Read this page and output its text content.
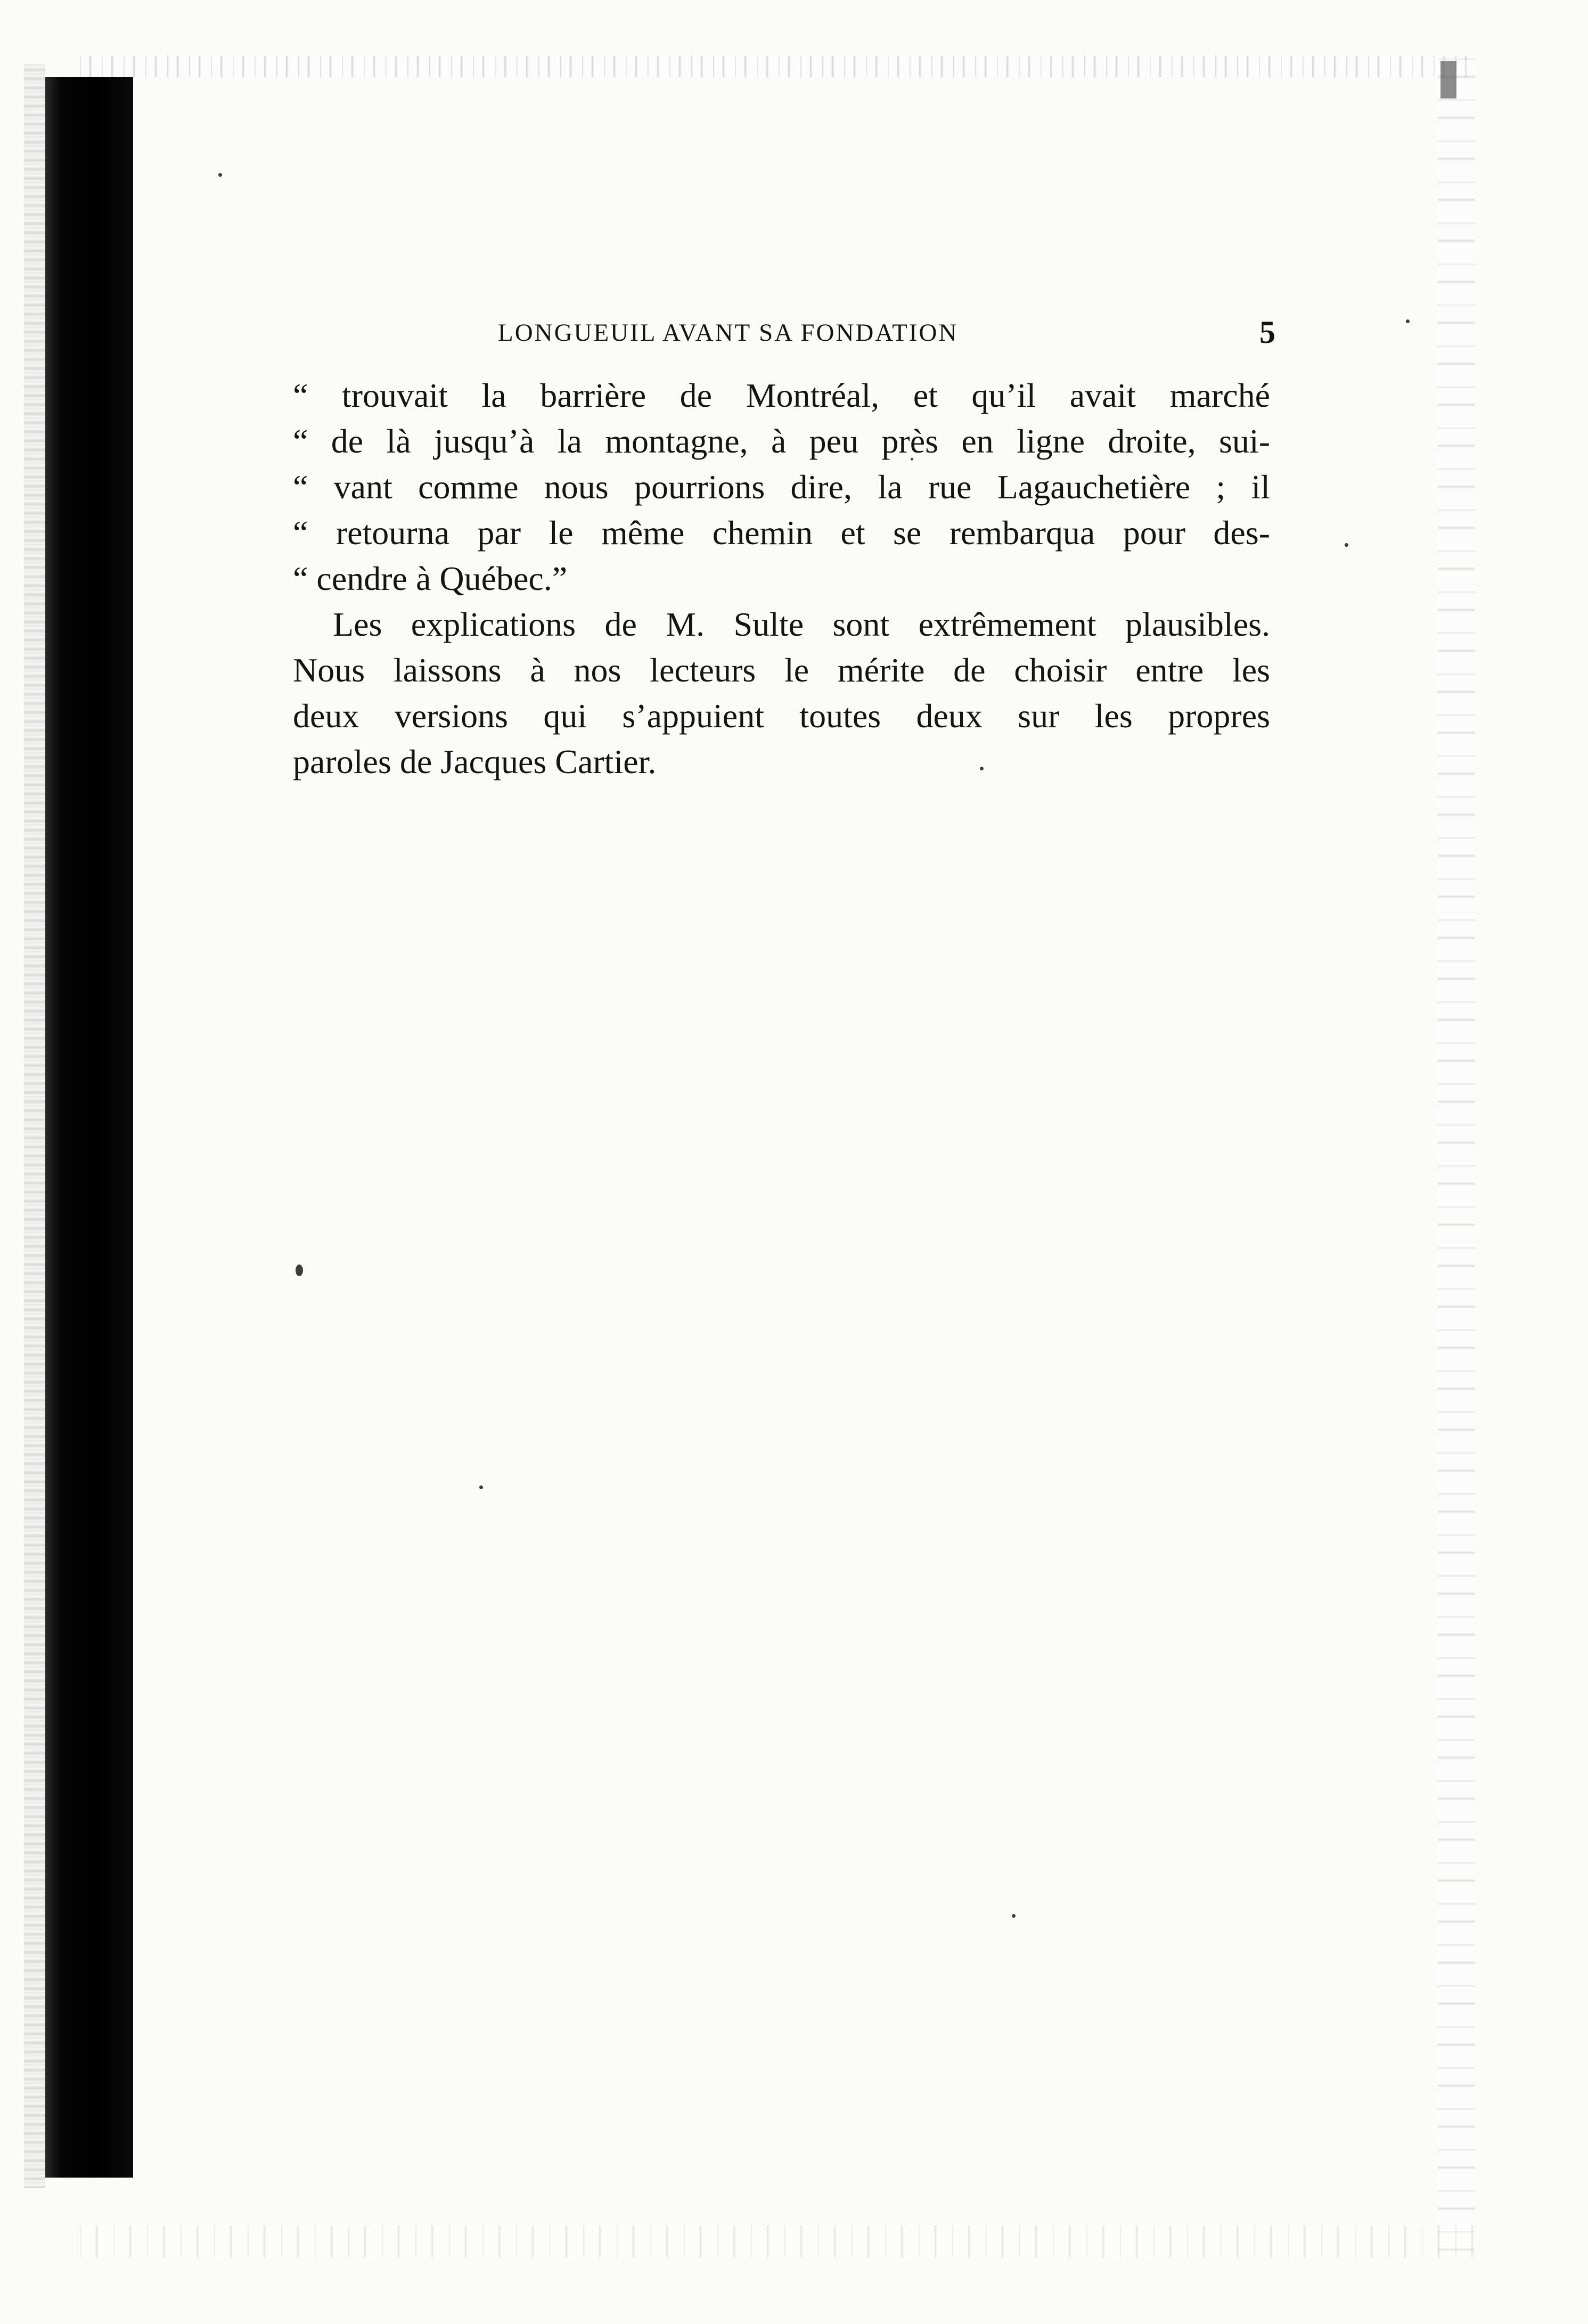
LONGUEUIL AVANT SA FONDATION	5
“ trouvait la barrière de Montréal, et qu’il avait marché
“ de là jusqu’à la montagne, à peu près en ligne droite, sui-
“ vant comme nous pourrions dire, la rue Lagauchetière ; il
“ retourna par le même chemin et se rembarqua pour des-
“ cendre à Québec.”
Les explications de M. Sulte sont extrêmement plausibles.
Nous laissons à nos lecteurs le mérite de choisir entre les
deux versions qui s’appuient toutes deux sur les propres
paroles de Jacques Cartier.
